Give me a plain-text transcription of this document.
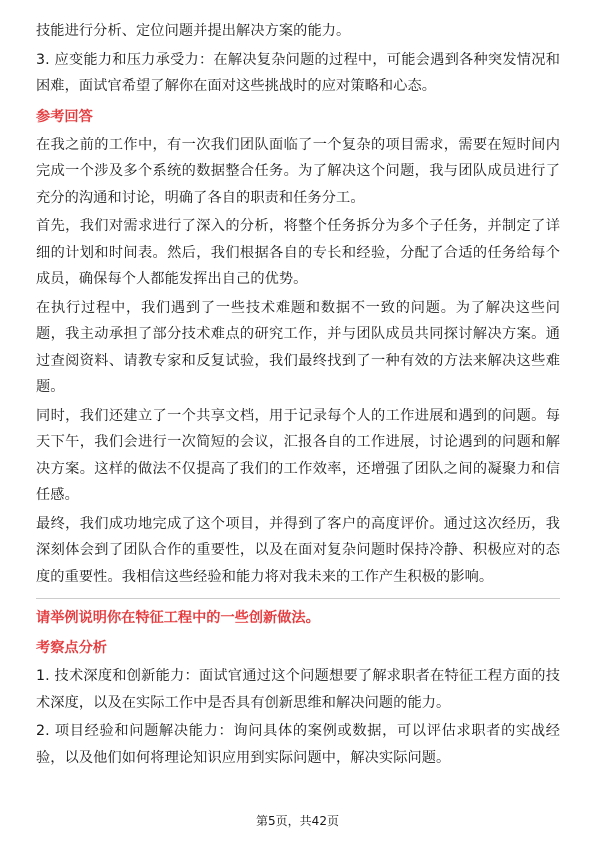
技能进行分析、定位问题并提出解决方案的能力。

3. 应变能力和压力承受力：在解决复杂问题的过程中，可能会遇到各种突发情况和困难，面试官希望了解你在面对这些挑战时的应对策略和心态。

参考回答

在我之前的工作中，有一次我们团队面临了一个复杂的项目需求，需要在短时间内完成一个涉及多个系统的数据整合任务。为了解决这个问题，我与团队成员进行了充分的沟通和讨论，明确了各自的职责和任务分工。

首先，我们对需求进行了深入的分析，将整个任务拆分为多个子任务，并制定了详细的计划和时间表。然后，我们根据各自的专长和经验，分配了合适的任务给每个成员，确保每个人都能发挥出自己的优势。

在执行过程中，我们遇到了一些技术难题和数据不一致的问题。为了解决这些问题，我主动承担了部分技术难点的研究工作，并与团队成员共同探讨解决方案。通过查阅资料、请教专家和反复试验，我们最终找到了一种有效的方法来解决这些难题。

同时，我们还建立了一个共享文档，用于记录每个人的工作进展和遇到的问题。每天下午，我们会进行一次简短的会议，汇报各自的工作进展，讨论遇到的问题和解决方案。这样的做法不仅提高了我们的工作效率，还增强了团队之间的凝聚力和信任感。

最终，我们成功地完成了这个项目，并得到了客户的高度评价。通过这次经历，我深刻体会到了团队合作的重要性，以及在面对复杂问题时保持冷静、积极应对的态度的重要性。我相信这些经验和能力将对我未来的工作产生积极的影响。

请举例说明你在特征工程中的一些创新做法。
考察点分析

1. 技术深度和创新能力：面试官通过这个问题想要了解求职者在特征工程方面的技术深度，以及在实际工作中是否具有创新思维和解决问题的能力。

2. 项目经验和问题解决能力：询问具体的案例或数据，可以评估求职者的实战经验，以及他们如何将理论知识应用到实际问题中，解决实际问题。

第5页，共42页
